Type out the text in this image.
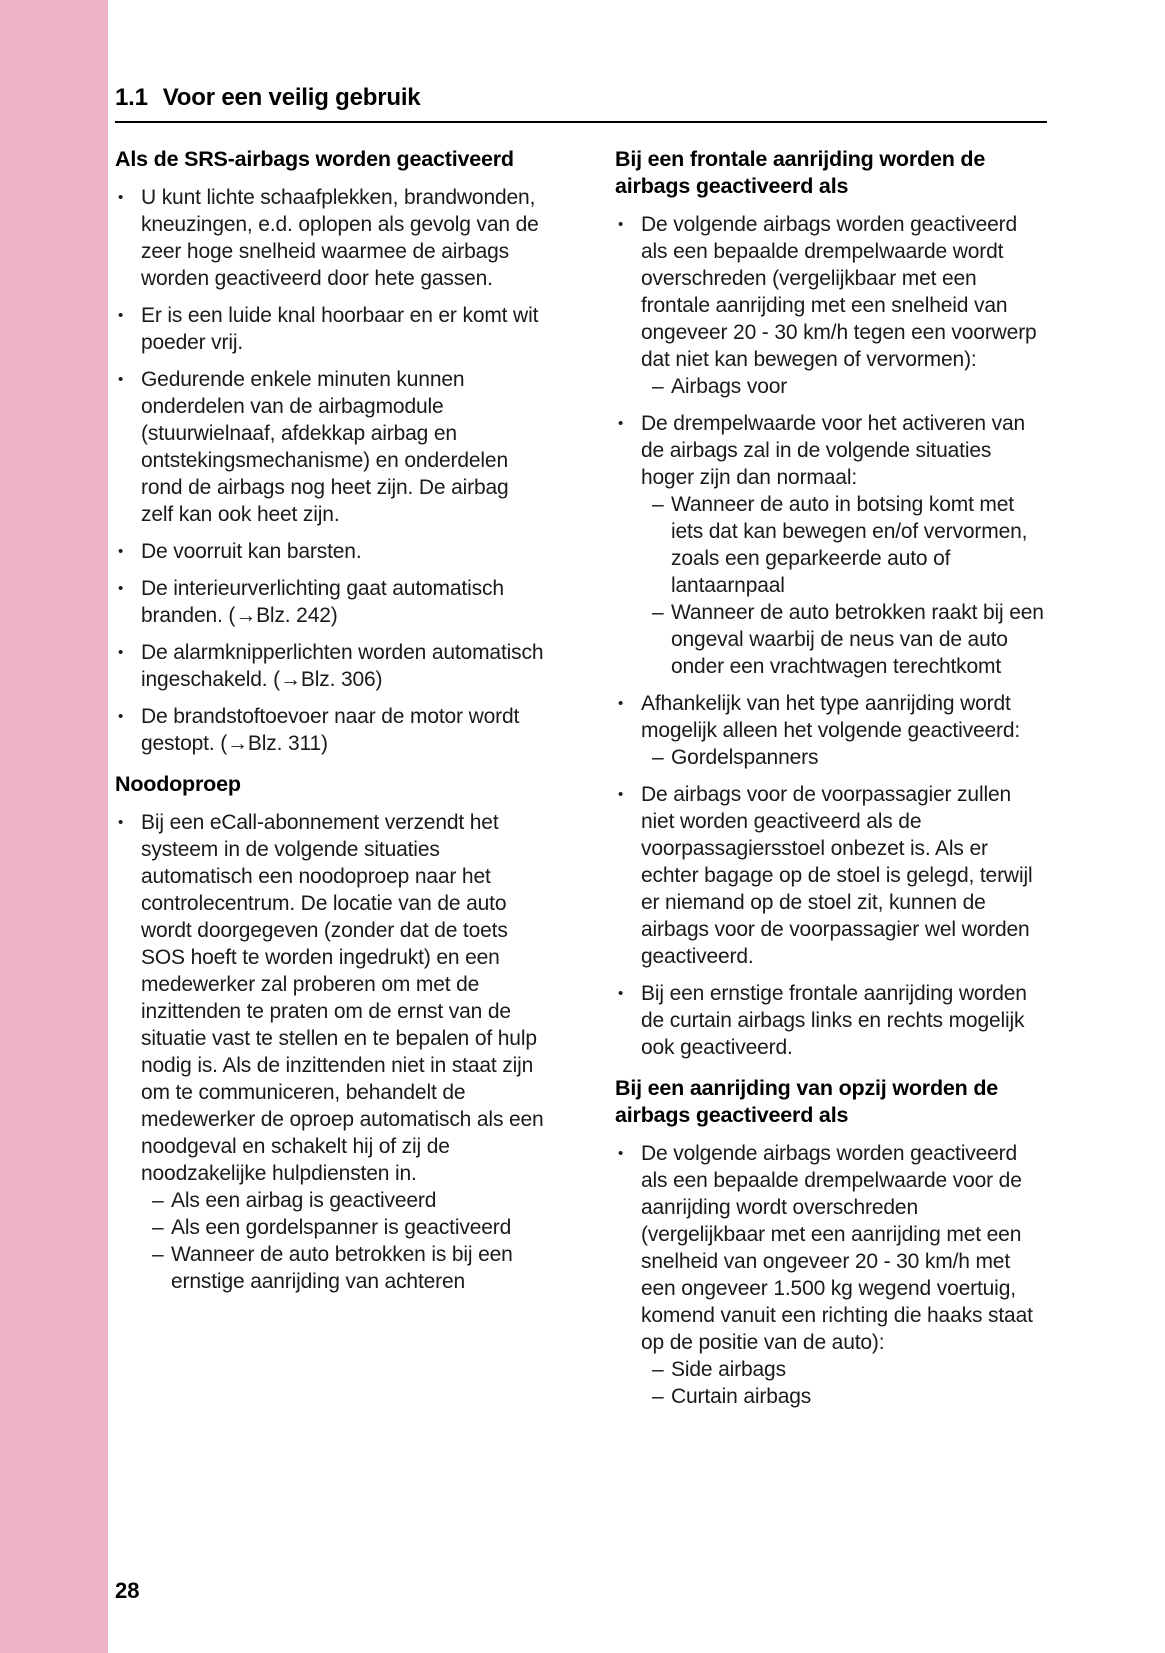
1.1 Voor een veilig gebruik
Als de SRS-airbags worden geactiveerd
• U kunt lichte schaafplekken, brandwonden, kneuzingen, e.d. oplopen als gevolg van de zeer hoge snelheid waarmee de airbags worden geactiveerd door hete gassen.
• Er is een luide knal hoorbaar en er komt wit poeder vrij.
• Gedurende enkele minuten kunnen onderdelen van de airbagmodule (stuurwielnaaf, afdekkap airbag en ontstekingsmechanisme) en onderdelen rond de airbags nog heet zijn. De airbag zelf kan ook heet zijn.
• De voorruit kan barsten.
• De interieurverlichting gaat automatisch branden. (→Blz. 242)
• De alarmknipperlichten worden automatisch ingeschakeld. (→Blz. 306)
• De brandstoftoevoer naar de motor wordt gestopt. (→Blz. 311)
Noodoproep
• Bij een eCall-abonnement verzendt het systeem in de volgende situaties automatisch een noodoproep naar het controlecentrum. De locatie van de auto wordt doorgegeven (zonder dat de toets SOS hoeft te worden ingedrukt) en een medewerker zal proberen om met de inzittenden te praten om de ernst van de situatie vast te stellen en te bepalen of hulp nodig is. Als de inzittenden niet in staat zijn om te communiceren, behandelt de medewerker de oproep automatisch als een noodgeval en schakelt hij of zij de noodzakelijke hulpdiensten in.
– Als een airbag is geactiveerd
– Als een gordelspanner is geactiveerd
– Wanneer de auto betrokken is bij een ernstige aanrijding van achteren
Bij een frontale aanrijding worden de airbags geactiveerd als
• De volgende airbags worden geactiveerd als een bepaalde drempelwaarde wordt overschreden (vergelijkbaar met een frontale aanrijding met een snelheid van ongeveer 20 - 30 km/h tegen een voorwerp dat niet kan bewegen of vervormen):
– Airbags voor
• De drempelwaarde voor het activeren van de airbags zal in de volgende situaties hoger zijn dan normaal:
– Wanneer de auto in botsing komt met iets dat kan bewegen en/of vervormen, zoals een geparkeerde auto of lantaarnpaal
– Wanneer de auto betrokken raakt bij een ongeval waarbij de neus van de auto onder een vrachtwagen terechtkomt
• Afhankelijk van het type aanrijding wordt mogelijk alleen het volgende geactiveerd:
– Gordelspanners
• De airbags voor de voorpassagier zullen niet worden geactiveerd als de voorpassagiersstoel onbezet is. Als er echter bagage op de stoel is gelegd, terwijl er niemand op de stoel zit, kunnen de airbags voor de voorpassagier wel worden geactiveerd.
• Bij een ernstige frontale aanrijding worden de curtain airbags links en rechts mogelijk ook geactiveerd.
Bij een aanrijding van opzij worden de airbags geactiveerd als
• De volgende airbags worden geactiveerd als een bepaalde drempelwaarde voor de aanrijding wordt overschreden (vergelijkbaar met een aanrijding met een snelheid van ongeveer 20 - 30 km/h met een ongeveer 1.500 kg wegend voertuig, komend vanuit een richting die haaks staat op de positie van de auto):
– Side airbags
– Curtain airbags
28
